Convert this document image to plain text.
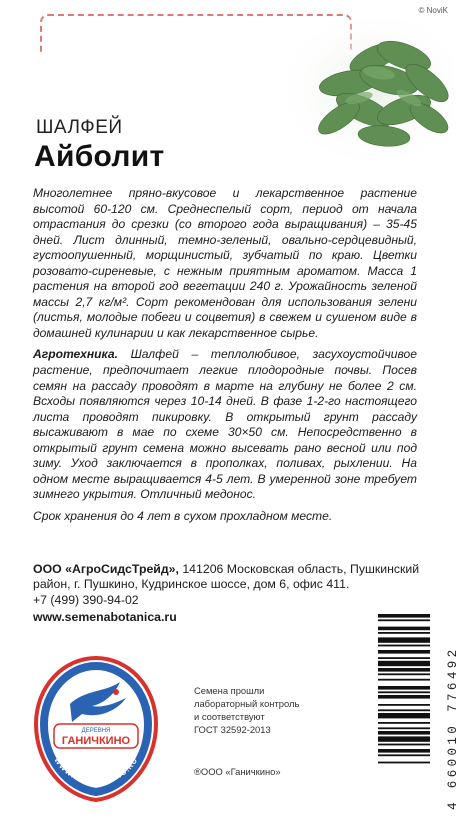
© NoviK
ШАЛФЕЙ
Айболит

Многолетнее пряно-вкусовое и лекарственное растение высотой 60-120 см. Среднеспелый сорт, период от начала отрастания до срезки (со второго года выращивания) – 35-45 дней. Лист длинный, темно-зеленый, овально-сердцевидный, густоопушенный, морщинистый, зубчатый по краю. Цветки розовато-сиреневые, с нежным приятным ароматом. Масса 1 растения на второй год вегетации 240 г. Урожайность зеленой массы 2,7 кг/м². Сорт рекомендован для использования зелени (листья, молодые побеги и соцветия) в свежем и сушеном виде в домашней кулинарии и как лекарственное сырье.

Агротехника. Шалфей – теплолюбивое, засухоустойчивое растение, предпочитает легкие плодородные почвы. Посев семян на рассаду проводят в марте на глубину не более 2 см. Всходы появляются через 10-14 дней. В фазе 1-2-го настоящего листа проводят пикировку. В открытый грунт рассаду высаживают в мае по схеме 30×50 см. Непосредственно в открытый грунт семена можно высевать рано весной или под зиму. Уход заключается в прополках, поливах, рыхлении. На одном месте выращивается 4-5 лет. В умеренной зоне требует зимнего укрытия. Отличный медонос.

Срок хранения до 4 лет в сухом прохладном месте.

ООО «АгроСидсТрейд», 141206 Московская область, Пушкинский район, г. Пушкино, Кудринское шоссе, дом 6, офис 411.
+7 (499) 390-94-02
www.semenabotanica.ru
ДЕРЕВНЯ
ГАНИЧКИНО
WWW.GANICHKINO.RU
Семена прошли
лабораторный контроль
и соответствуют
ГОСТ 32592-2013
®ООО «Ганичкино»	4 660010 776492
